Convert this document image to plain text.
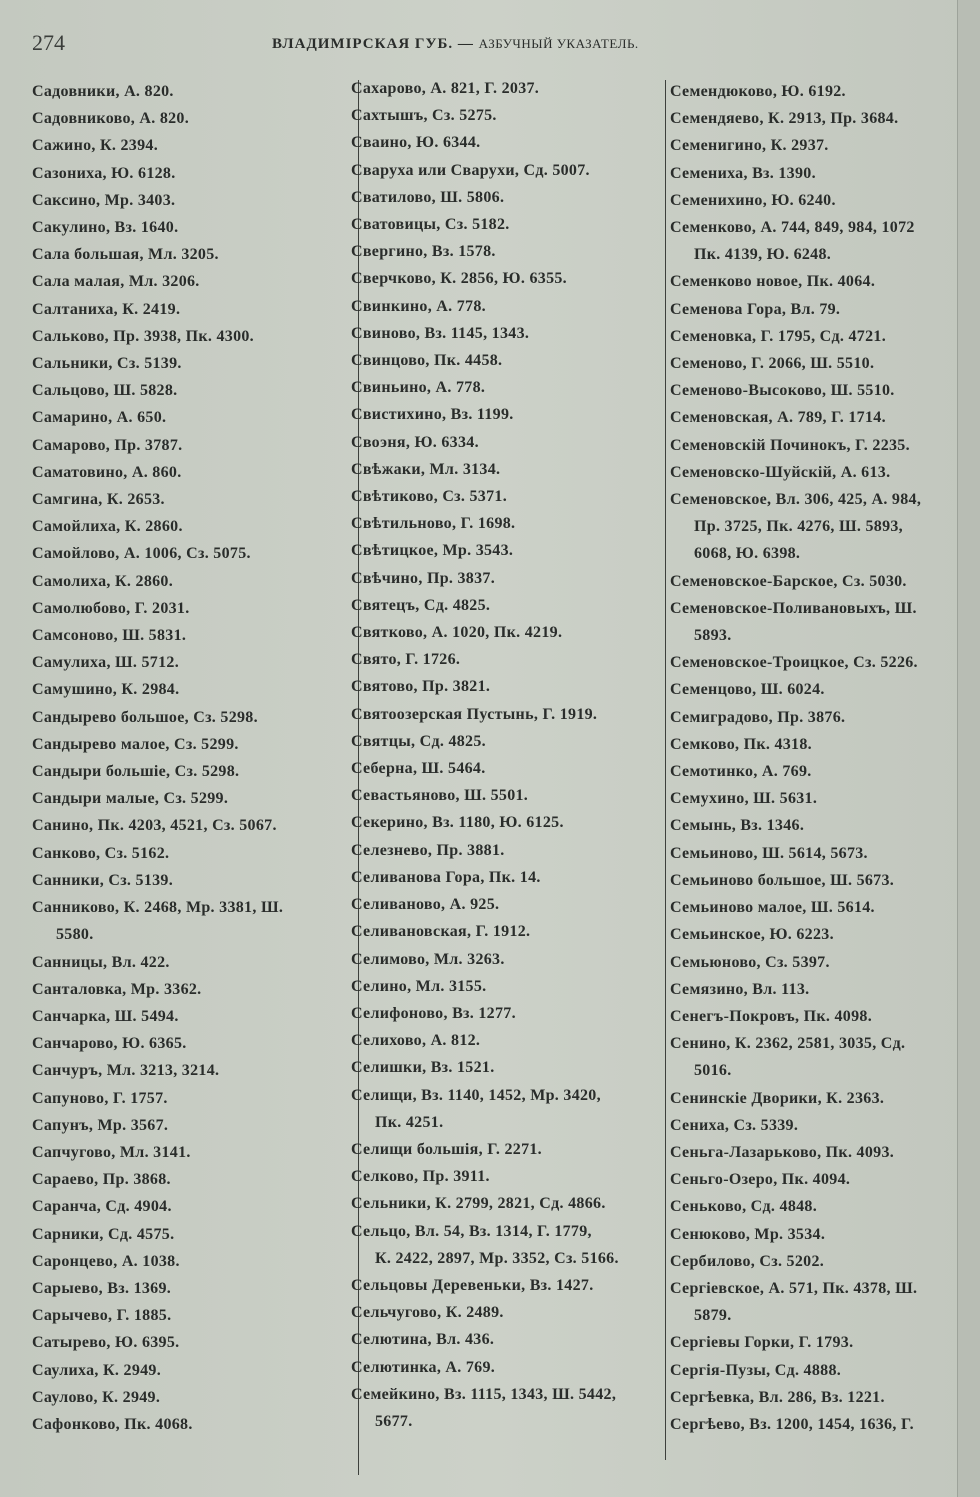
274	ВЛАДИМІРСКАЯ ГУБ. — АЗБУЧНЫЙ УКАЗАТЕЛЬ.
Садовники, А. 820.
Садовниково, А. 820.
Сажино, К. 2394.
Сазониха, Ю. 6128.
Саксино, Мр. 3403.
Сакулино, Вз. 1640.
Сала большая, Мл. 3205.
Сала малая, Мл. 3206.
Салтаниха, К. 2419.
Сальково, Пр. 3938, Пк. 4300.
Сальники, Сз. 5139.
Сальцово, Ш. 5828.
Самарино, А. 650.
Самарово, Пр. 3787.
Саматовино, А. 860.
Самгина, К. 2653.
Самойлиха, К. 2860.
Самойлово, А. 1006, Сз. 5075.
Самолиха, К. 2860.
Самолюбово, Г. 2031.
Самсоново, Ш. 5831.
Самулиха, Ш. 5712.
Самушино, К. 2984.
Сандырево большое, Сз. 5298.
Сандырево малое, Сз. 5299.
Сандыри большіе, Сз. 5298.
Сандыри малые, Сз. 5299.
Санино, Пк. 4203, 4521, Сз. 5067.
Санково, Сз. 5162.
Санники, Сз. 5139.
Санниково, К. 2468, Мр. 3381, Ш.
5580.
Санницы, Вл. 422.
Санталовка, Мр. 3362.
Санчарка, Ш. 5494.
Санчарово, Ю. 6365.
Санчуръ, Мл. 3213, 3214.
Сапуново, Г. 1757.
Сапунъ, Мр. 3567.
Сапчугово, Мл. 3141.
Сараево, Пр. 3868.
Саранча, Сд. 4904.
Сарники, Сд. 4575.
Саронцево, А. 1038.
Сарыево, Вз. 1369.
Сарычево, Г. 1885.
Сатырево, Ю. 6395.
Саулиха, К. 2949.
Саулово, К. 2949.
Сафонково, Пк. 4068.
Сахарово, А. 821, Г. 2037.
Сахтышъ, Сз. 5275.
Сваино, Ю. 6344.
Сваруха или Сварухи, Сд. 5007.
Сватилово, Ш. 5806.
Сватовицы, Сз. 5182.
Свергино, Вз. 1578.
Сверчково, К. 2856, Ю. 6355.
Свинкино, А. 778.
Свиново, Вз. 1145, 1343.
Свинцово, Пк. 4458.
Свиньино, А. 778.
Свистихино, Вз. 1199.
Своэня, Ю. 6334.
Свѣжаки, Мл. 3134.
Свѣтиково, Сз. 5371.
Свѣтильново, Г. 1698.
Свѣтицкое, Мр. 3543.
Свѣчино, Пр. 3837.
Святецъ, Сд. 4825.
Святково, А. 1020, Пк. 4219.
Свято, Г. 1726.
Святово, Пр. 3821.
Святоозерская Пустынь, Г. 1919.
Святцы, Сд. 4825.
Себерна, Ш. 5464.
Севастьяново, Ш. 5501.
Секерино, Вз. 1180, Ю. 6125.
Селезнево, Пр. 3881.
Селиванова Гора, Пк. 14.
Селиваново, А. 925.
Селивановская, Г. 1912.
Селимово, Мл. 3263.
Селино, Мл. 3155.
Селифоново, Вз. 1277.
Селихово, А. 812.
Селишки, Вз. 1521.
Селищи, Вз. 1140, 1452, Мр. 3420,
Пк. 4251.
Селищи большія, Г. 2271.
Селково, Пр. 3911.
Сельники, К. 2799, 2821, Сд. 4866.
Сельцо, Вл. 54, Вз. 1314, Г. 1779,
К. 2422, 2897, Мр. 3352, Сз. 5166.
Сельцовы Деревеньки, Вз. 1427.
Сельчугово, К. 2489.
Селютина, Вл. 436.
Селютинка, А. 769.
Семейкино, Вз. 1115, 1343, Ш. 5442,
5677.
Семендюково, Ю. 6192.
Семендяево, К. 2913, Пр. 3684.
Семенигино, К. 2937.
Семениха, Вз. 1390.
Семенихино, Ю. 6240.
Семенково, А. 744, 849, 984, 1072
Пк. 4139, Ю. 6248.
Семенково новое, Пк. 4064.
Семенова Гора, Вл. 79.
Семеновка, Г. 1795, Сд. 4721.
Семеново, Г. 2066, Ш. 5510.
Семеново-Высоково, Ш. 5510.
Семеновская, А. 789, Г. 1714.
Семеновскій Починокъ, Г. 2235.
Семеновско-Шуйскій, А. 613.
Семеновское, Вл. 306, 425, А. 984,
Пр. 3725, Пк. 4276, Ш. 5893,
6068, Ю. 6398.
Семеновское-Барское, Сз. 5030.
Семеновское-Поливановыхъ, Ш.
5893.
Семеновское-Троицкое, Сз. 5226.
Семенцово, Ш. 6024.
Семиградово, Пр. 3876.
Семково, Пк. 4318.
Семотинко, А. 769.
Семухино, Ш. 5631.
Семынь, Вз. 1346.
Семьиново, Ш. 5614, 5673.
Семьиново большое, Ш. 5673.
Семьиново малое, Ш. 5614.
Семьинское, Ю. 6223.
Семьюново, Сз. 5397.
Семязино, Вл. 113.
Сенегъ-Покровъ, Пк. 4098.
Сенино, К. 2362, 2581, 3035, Сд.
5016.
Сенинскіе Дворики, К. 2363.
Сениха, Сз. 5339.
Сеньга-Лазарьково, Пк. 4093.
Сеньго-Озеро, Пк. 4094.
Сеньково, Сд. 4848.
Сенюково, Мр. 3534.
Сербилово, Сз. 5202.
Сергіевское, А. 571, Пк. 4378, Ш.
5879.
Сергіевы Горки, Г. 1793.
Сергія-Пузы, Сд. 4888.
Сергѣевка, Вл. 286, Вз. 1221.
Сергѣево, Вз. 1200, 1454, 1636, Г.
